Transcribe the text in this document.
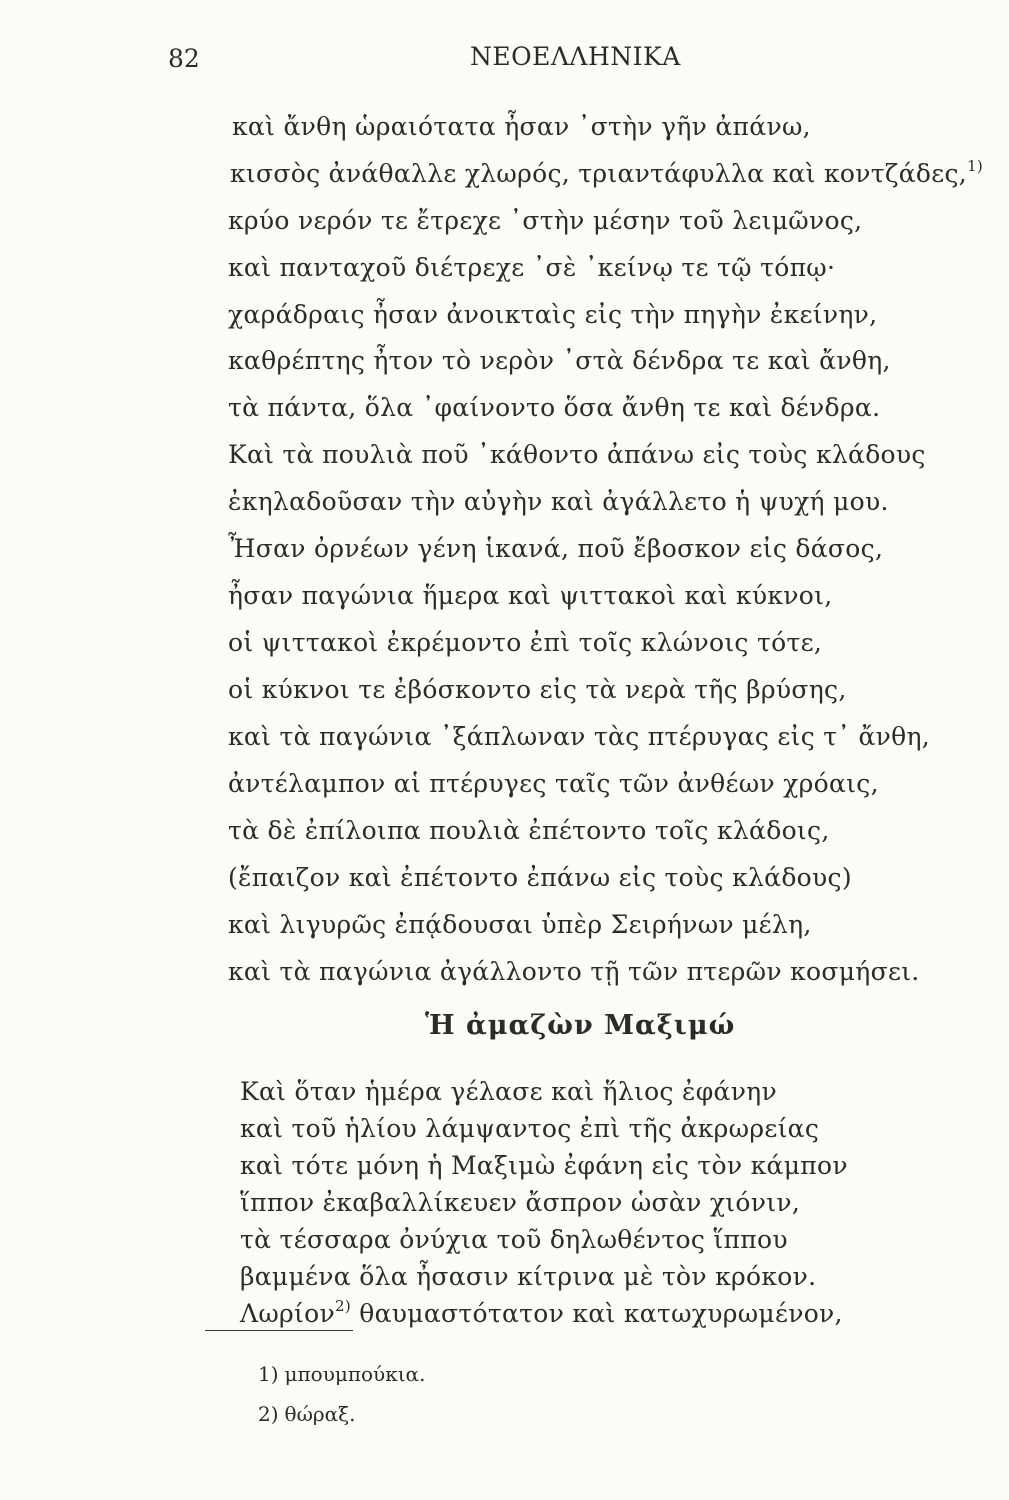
82	ΝΕΟΕΛΛΗΝΙΚΑ
καὶ ἄνθη ὡραιότατα ἦσαν ᾿στὴν γῆν ἀπάνω,
κισσὸς ἀνάθαλλε χλωρός, τριαντάφυλλα καὶ κοντζάδες,$^{1)}$
κρύο νερόν τε ἔτρεχε ᾿στὴν μέσην τοῦ λειμῶνος,
καὶ πανταχοῦ διέτρεχε ᾿σὲ ᾿κείνῳ τε τῷ τόπῳ·
χαράδραις ἦσαν ἀνοικταὶς εἰς τὴν πηγὴν ἐκείνην,
καθρέπτης ἦτον τὸ νερὸν ᾿στὰ δένδρα τε καὶ ἄνθη,
τὰ πάντα, ὅλα ᾿φαίνοντο ὅσα ἄνθη τε καὶ δένδρα.
Καὶ τὰ πουλιὰ ποῦ ᾿κάθοντο ἀπάνω εἰς τοὺς κλάδους
ἐκηλαδοῦσαν τὴν αὐγὴν καὶ ἀγάλλετο ἡ ψυχή μου.
Ἦσαν ὀρνέων γένη ἱκανά, ποῦ ἔβοσκον εἰς δάσος,
ἦσαν παγώνια ἥμερα καὶ ψιττακοὶ καὶ κύκνοι,
οἱ ψιττακοὶ ἐκρέμοντο ἐπὶ τοῖς κλώνοις τότε,
οἱ κύκνοι τε ἐβόσκοντο εἰς τὰ νερὰ τῆς βρύσης,
καὶ τὰ παγώνια ᾿ξάπλωναν τὰς πτέρυγας εἰς τ᾿ ἄνθη,
ἀντέλαμπον αἱ πτέρυγες ταῖς τῶν ἀνθέων χρόαις,
τὰ δὲ ἐπίλοιπα πουλιὰ ἐπέτοντο τοῖς κλάδοις,
(ἔπαιζον καὶ ἐπέτοντο ἐπάνω εἰς τοὺς κλάδους)
καὶ λιγυρῶς ἐπᾴδουσαι ὑπὲρ Σειρήνων μέλη,
καὶ τὰ παγώνια ἀγάλλοντο τῇ τῶν πτερῶν κοσμήσει.
Ἡ ἀμαζὼν Μαξιμώ
Καὶ ὅταν ἡμέρα γέλασε καὶ ἥλιος ἐφάνην
καὶ τοῦ ἡλίου λάμψαντος ἐπὶ τῆς ἀκρωρείας
καὶ τότε μόνη ἡ Μαξιμὼ ἐφάνη εἰς τὸν κάμπον
ἵππον ἐκαβαλλίκευεν ἄσπρον ὡσὰν χιόνιν,
τὰ τέσσαρα ὀνύχια τοῦ δηλωθέντος ἵππου
βαμμένα ὅλα ἦσασιν κίτρινα μὲ τὸν κρόκον.
Λωρίον$^{2)}$ θαυμαστότατον καὶ κατωχυρωμένον,
1) μπουμπούκια.
2) θώραξ.
